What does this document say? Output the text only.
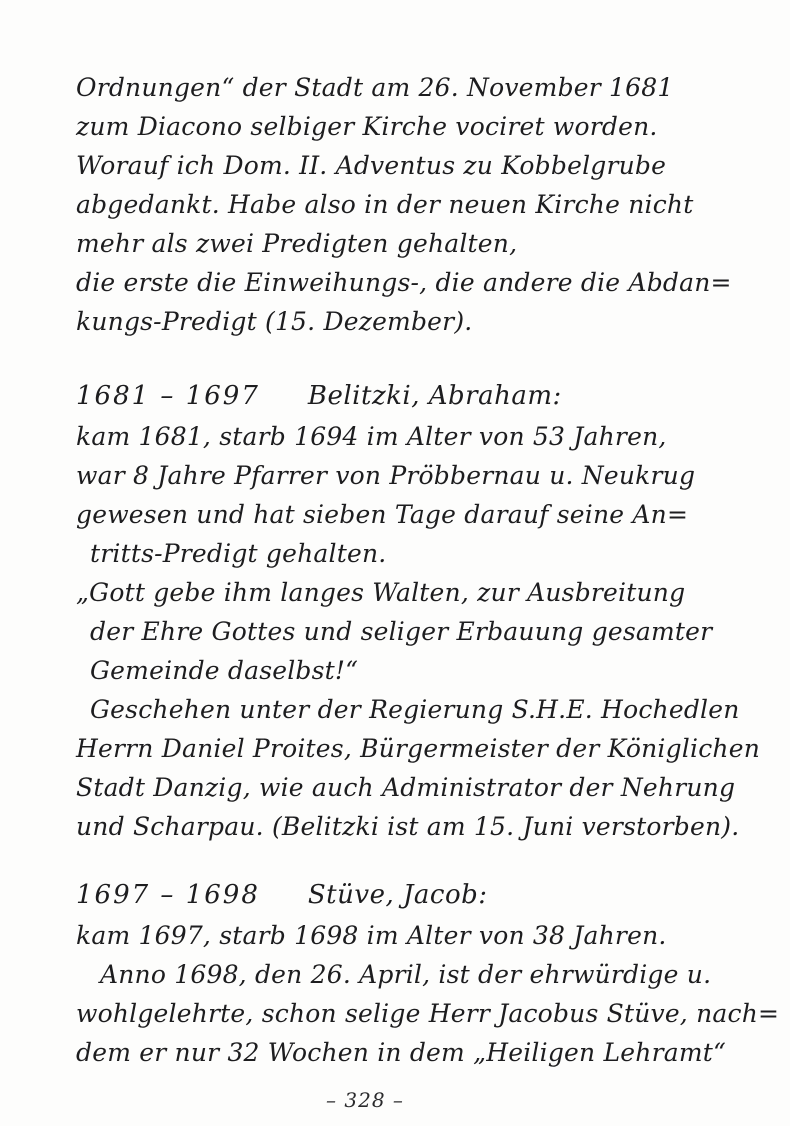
Ordnungen“ der Stadt am 26. November 1681
zum Diacono selbiger Kirche vociret worden.
Worauf ich Dom. II. Adventus zu Kobbelgrube
abgedankt. Habe also in der neuen Kirche nicht
mehr als zwei Predigten gehalten,
die erste die Einweihungs-, die andere die Abdan=
kungs-Predigt (15. Dezember).
1681 – 1697 Belitzki, Abraham:
kam 1681, starb 1694 im Alter von 53 Jahren,
war 8 Jahre Pfarrer von Pröbbernau u. Neukrug
gewesen und hat sieben Tage darauf seine An=
tritts-Predigt gehalten.
„Gott gebe ihm langes Walten, zur Ausbreitung
der Ehre Gottes und seliger Erbauung gesamter
Gemeinde daselbst!“
Geschehen unter der Regierung S.H.E. Hochedlen
Herrn Daniel Proites, Bürgermeister der Königlichen
Stadt Danzig, wie auch Administrator der Nehrung
und Scharpau. (Belitzki ist am 15. Juni verstorben).
1697 – 1698 Stüve, Jacob:
kam 1697, starb 1698 im Alter von 38 Jahren.
Anno 1698, den 26. April, ist der ehrwürdige u.
wohlgelehrte, schon selige Herr Jacobus Stüve, nach=
dem er nur 32 Wochen in dem „Heiligen Lehramt“
– 328 –
